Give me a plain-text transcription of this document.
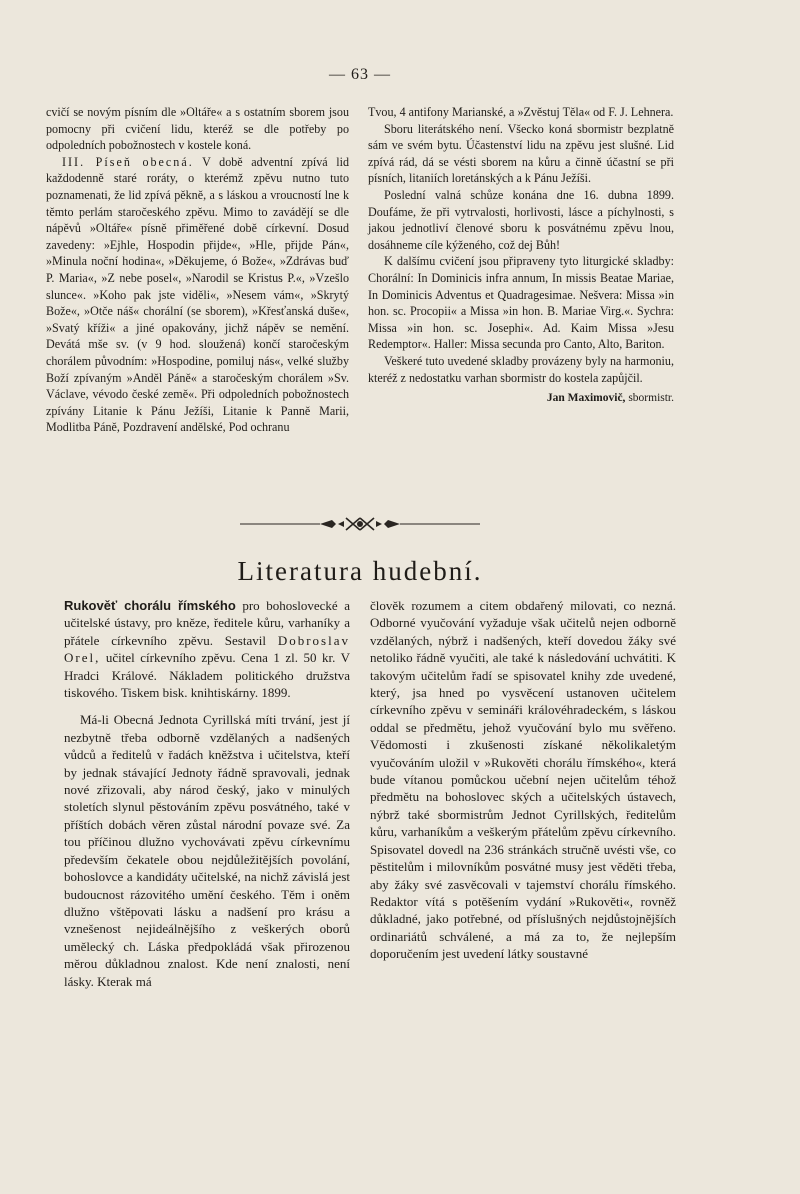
— 63 —

cvičí se novým písním dle »Oltáře« a s ostatním sborem jsou pomocny při cvičení lidu, kteréž se dle potřeby po odpoledních pobožnostech v kostele koná.

III. Píseň obecná. V době adventní zpívá lid každodenně staré roráty, o kterémž zpěvu nutno tuto poznamenati, že lid zpívá pěkně, a s láskou a vroucností lne k těmto perlám staročeského zpěvu. Mimo to zavádějí se dle nápěvů »Oltáře« písně přiměřené době církevní. Dosud zavedeny: »Ejhle, Hospodin přijde«, »Hle, přijde Pán«, »Minula noční hodina«, »Děkujeme, ó Bože«, »Zdrávas buď P. Maria«, »Z nebe posel«, »Narodil se Kristus P.«, »Vzešlo slunce«. »Koho pak jste viděli«, »Nesem vám«, »Skrytý Bože«, »Otče náš« chorální (se sborem), »Křesťanská duše«, »Svatý kříži« a jiné opakovány, jichž nápěv se nemění. Devátá mše sv. (v 9 hod. sloužená) končí staročeským chorálem původním: »Hospodine, pomiluj nás«, velké služby Boží zpívaným »Anděl Páně« a staročeským chorálem »Sv. Václave, vévodo české země«. Při odpoledních pobožnostech zpívány Litanie k Pánu Ježíši, Litanie k Panně Marii, Modlitba Páně, Pozdravení andělské, Pod ochranu

Tvou, 4 antifony Marianské, a »Zvěstuj Těla« od F. J. Lehnera.

Sboru literátského není. Všecko koná sbormistr bezplatně sám ve svém bytu. Účastenství lidu na zpěvu jest slušné. Lid zpívá rád, dá se vésti sborem na kůru a činně účastní se při písních, litaniích loretánských a k Pánu Ježíši.

Poslední valná schůze konána dne 16. dubna 1899. Doufáme, že při vytrvalosti, horlivosti, lásce a píchylnosti, s jakou jednotliví členové sboru k posvátnému zpěvu lnou, dosáhneme cíle kýženého, což dej Bůh!

K dalšímu cvičení jsou připraveny tyto liturgické skladby: Chorální: In Dominicis infra annum, In missis Beatae Mariae, In Dominicis Adventus et Quadragesimae. Nešvera: Missa »in hon. sc. Procopii« a Missa »in hon. B. Mariae Virg.«. Sychra: Missa »in hon. sc. Josephi«. Ad. Kaim Missa »Jesu Redemptor«. Haller: Missa secunda pro Canto, Alto, Bariton.

Veškeré tuto uvedené skladby provázeny byly na harmoniu, kteréž z nedostatku varhan sbormistr do kostela zapůjčil.

Jan Maximovič, sbormistr.
Literatura hudební.

Rukověť chorálu římského pro bohoslovecké a učitelské ústavy, pro kněze, ředitele kůru, varhaníky a přátele církevního zpěvu. Sestavil Dobroslav Orel, učitel církevního zpěvu. Cena 1 zl. 50 kr. V Hradci Králové. Nákladem politického družstva tiskového. Tiskem bisk. knihtiskárny. 1899.

Má-li Obecná Jednota Cyrillská míti trvání, jest jí nezbytně třeba odborně vzdělaných a nadšených vůdců a ředitelů v řadách kněžstva i učitelstva, kteří by jednak stávající Jednoty řádně spravovali, jednak nové zřizovali, aby národ český, jako v minulých stoletích slynul pěstováním zpěvu posvátného, také v příštích dobách věren zůstal národní povaze své. Za tou příčinou dlužno vychovávati zpěvu církevnímu především čekatele obou nejdůležitějších povolání, bohoslovce a kandidáty učitelské, na nichž závislá jest budoucnost rázovitého umění českého. Těm i oněm dlužno vštěpovati lásku a nadšení pro krásu a vznešenost nejideálnějšího z veškerých oborů umělecký ch. Láska předpokládá však přirozenou měrou důkladnou znalost. Kde není znalosti, není lásky. Kterak má

člověk rozumem a citem obdařený milovati, co nezná. Odborné vyučování vyžaduje však učitelů nejen odborně vzdělaných, nýbrž i nadšených, kteří dovedou žáky své netoliko řádně vyučiti, ale také k následování uchvátiti. K takovým učitelům řadí se spisovatel knihy zde uvedené, který, jsa hned po vysvěcení ustanoven učitelem církevního zpěvu v semináři královéhradeckém, s láskou oddal se předmětu, jehož vyučování bylo mu svěřeno. Vědomosti i zkušenosti získané několikaletým vyučováním uložil v »Rukověti chorálu římského«, která bude vítanou pomůckou učební nejen učitelům téhož předmětu na bohoslovec ských a učitelských ústavech, nýbrž také sbormistrům Jednot Cyrillských, ředitelům kůru, varhaníkům a veškerým přátelům zpěvu církevního. Spisovatel dovedl na 236 stránkách stručně uvésti vše, co pěstitelům i milovníkům posvátné musy jest věděti třeba, aby žáky své zasvěcovali v tajemství chorálu římského. Redaktor vítá s potěšením vydání »Rukověti«, rovněž důkladné, jako potřebné, od příslušných nejdůstojnějších ordinariátů schválené, a má za to, že nejlepším doporučením jest uvedení látky soustavné
